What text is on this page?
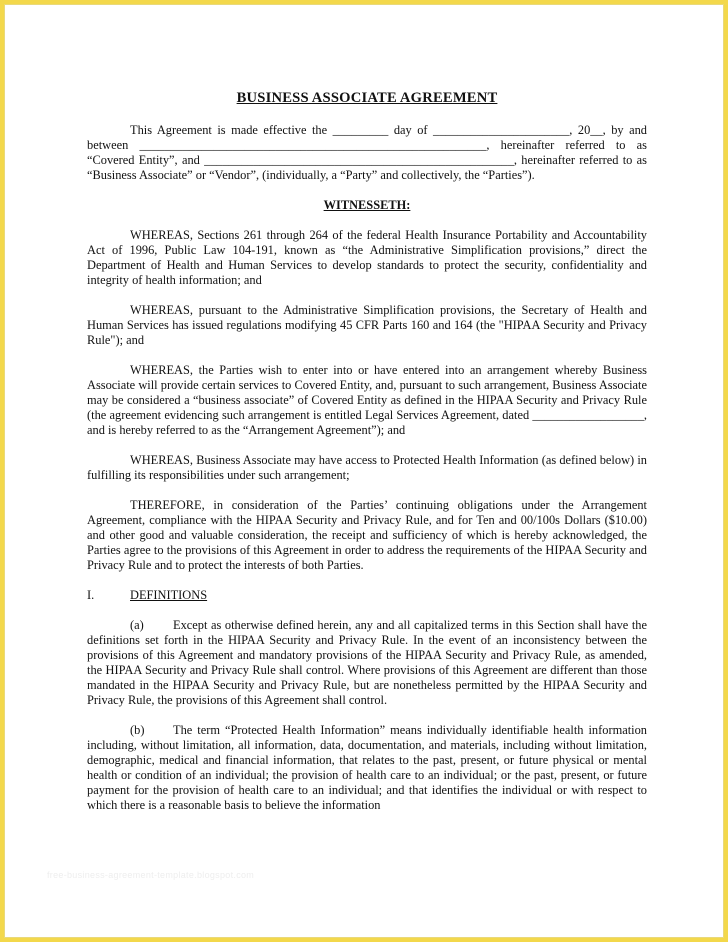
BUSINESS ASSOCIATE AGREEMENT

This Agreement is made effective the _________ day of ______________________, 20__, by and between ________________________________________________________, hereinafter referred to as “Covered Entity”, and __________________________________________________, hereinafter referred to as “Business Associate” or “Vendor”, (individually, a “Party” and collectively, the “Parties”).

WITNESSETH:

WHEREAS, Sections 261 through 264 of the federal Health Insurance Portability and Accountability Act of 1996, Public Law 104-191, known as “the Administrative Simplification provisions,” direct the Department of Health and Human Services to develop standards to protect the security, confidentiality and integrity of health information; and

WHEREAS, pursuant to the Administrative Simplification provisions, the Secretary of Health and Human Services has issued regulations modifying 45 CFR Parts 160 and 164 (the "HIPAA Security and Privacy Rule"); and

WHEREAS, the Parties wish to enter into or have entered into an arrangement whereby Business Associate will provide certain services to Covered Entity, and, pursuant to such arrangement, Business Associate may be considered a “business associate” of Covered Entity as defined in the HIPAA Security and Privacy Rule (the agreement evidencing such arrangement is entitled Legal Services Agreement, dated __________________, and is hereby referred to as the “Arrangement Agreement”); and

WHEREAS, Business Associate may have access to Protected Health Information (as defined below) in fulfilling its responsibilities under such arrangement;

THEREFORE, in consideration of the Parties’ continuing obligations under the Arrangement Agreement, compliance with the HIPAA Security and Privacy Rule, and for Ten and 00/100s Dollars ($10.00) and other good and valuable consideration, the receipt and sufficiency of which is hereby acknowledged, the Parties agree to the provisions of this Agreement in order to address the requirements of the HIPAA Security and Privacy Rule and to protect the interests of both Parties.

I.	DEFINITIONS

(a) Except as otherwise defined herein, any and all capitalized terms in this Section shall have the definitions set forth in the HIPAA Security and Privacy Rule. In the event of an inconsistency between the provisions of this Agreement and mandatory provisions of the HIPAA Security and Privacy Rule, as amended, the HIPAA Security and Privacy Rule shall control. Where provisions of this Agreement are different than those mandated in the HIPAA Security and Privacy Rule, but are nonetheless permitted by the HIPAA Security and Privacy Rule, the provisions of this Agreement shall control.

(b) The term “Protected Health Information” means individually identifiable health information including, without limitation, all information, data, documentation, and materials, including without limitation, demographic, medical and financial information, that relates to the past, present, or future physical or mental health or condition of an individual; the provision of health care to an individual; or the past, present, or future payment for the provision of health care to an individual; and that identifies the individual or with respect to which there is a reasonable basis to believe the information

free-business-agreement-template.blogspot.com
